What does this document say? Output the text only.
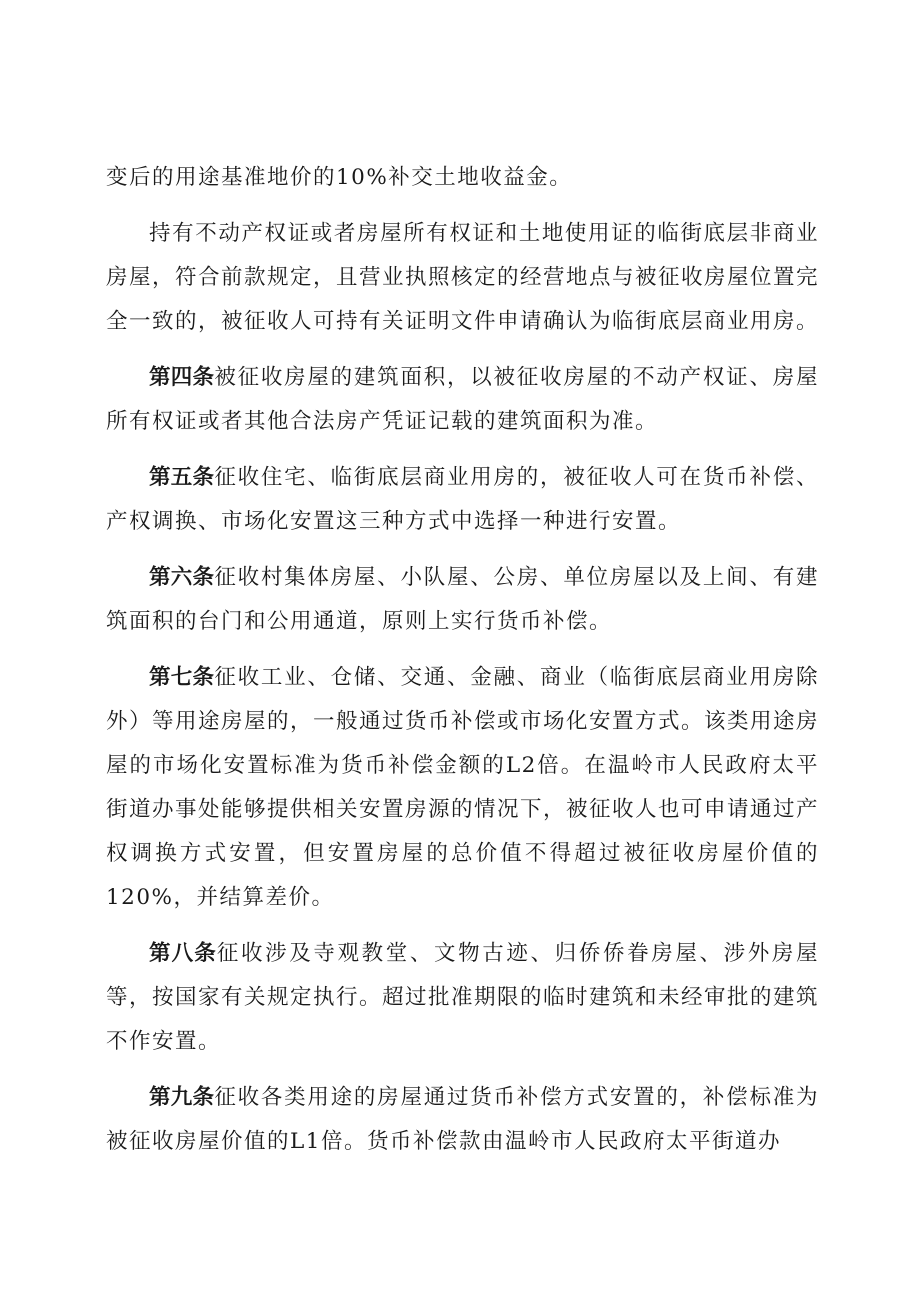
变后的用途基准地价的10%补交土地收益金。

持有不动产权证或者房屋所有权证和土地使用证的临街底层非商业房屋，符合前款规定，且营业执照核定的经营地点与被征收房屋位置完全一致的，被征收人可持有关证明文件申请确认为临街底层商业用房。

第四条被征收房屋的建筑面积，以被征收房屋的不动产权证、房屋所有权证或者其他合法房产凭证记载的建筑面积为准。

第五条征收住宅、临街底层商业用房的，被征收人可在货币补偿、产权调换、市场化安置这三种方式中选择一种进行安置。

第六条征收村集体房屋、小队屋、公房、单位房屋以及上间、有建筑面积的台门和公用通道，原则上实行货币补偿。

第七条征收工业、仓储、交通、金融、商业（临街底层商业用房除外）等用途房屋的，一般通过货币补偿或市场化安置方式。该类用途房屋的市场化安置标准为货币补偿金额的L2倍。在温岭市人民政府太平街道办事处能够提供相关安置房源的情况下，被征收人也可申请通过产权调换方式安置，但安置房屋的总价值不得超过被征收房屋价值的120%，并结算差价。

第八条征收涉及寺观教堂、文物古迹、归侨侨眷房屋、涉外房屋等，按国家有关规定执行。超过批准期限的临时建筑和未经审批的建筑不作安置。

第九条征收各类用途的房屋通过货币补偿方式安置的，补偿标准为被征收房屋价值的L1倍。货币补偿款由温岭市人民政府太平街道办
